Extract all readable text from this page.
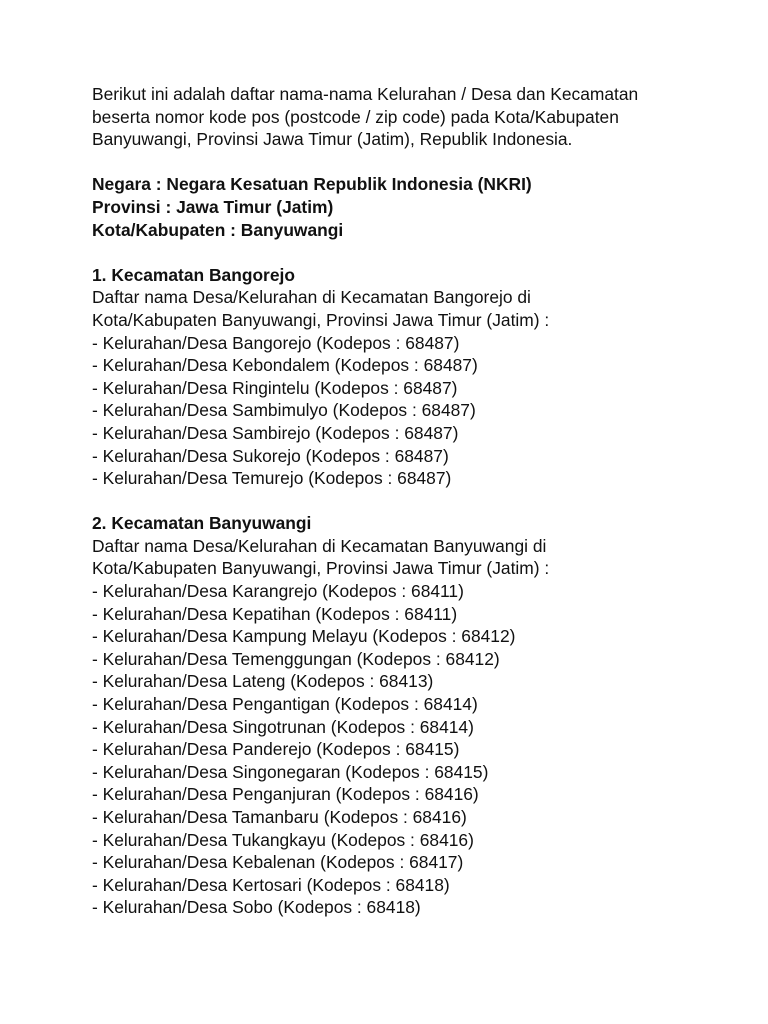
Berikut ini adalah daftar nama-nama Kelurahan / Desa dan Kecamatan
beserta nomor kode pos (postcode / zip code) pada Kota/Kabupaten
Banyuwangi, Provinsi Jawa Timur (Jatim), Republik Indonesia.

Negara : Negara Kesatuan Republik Indonesia (NKRI)
Provinsi : Jawa Timur (Jatim)
Kota/Kabupaten : Banyuwangi
1. Kecamatan Bangorejo
Daftar nama Desa/Kelurahan di Kecamatan Bangorejo di
Kota/Kabupaten Banyuwangi, Provinsi Jawa Timur (Jatim) :
- Kelurahan/Desa Bangorejo (Kodepos : 68487)
- Kelurahan/Desa Kebondalem (Kodepos : 68487)
- Kelurahan/Desa Ringintelu (Kodepos : 68487)
- Kelurahan/Desa Sambimulyo (Kodepos : 68487)
- Kelurahan/Desa Sambirejo (Kodepos : 68487)
- Kelurahan/Desa Sukorejo (Kodepos : 68487)
- Kelurahan/Desa Temurejo (Kodepos : 68487)
2. Kecamatan Banyuwangi
Daftar nama Desa/Kelurahan di Kecamatan Banyuwangi di
Kota/Kabupaten Banyuwangi, Provinsi Jawa Timur (Jatim) :
- Kelurahan/Desa Karangrejo (Kodepos : 68411)
- Kelurahan/Desa Kepatihan (Kodepos : 68411)
- Kelurahan/Desa Kampung Melayu (Kodepos : 68412)
- Kelurahan/Desa Temenggungan (Kodepos : 68412)
- Kelurahan/Desa Lateng (Kodepos : 68413)
- Kelurahan/Desa Pengantigan (Kodepos : 68414)
- Kelurahan/Desa Singotrunan (Kodepos : 68414)
- Kelurahan/Desa Panderejo (Kodepos : 68415)
- Kelurahan/Desa Singonegaran (Kodepos : 68415)
- Kelurahan/Desa Penganjuran (Kodepos : 68416)
- Kelurahan/Desa Tamanbaru (Kodepos : 68416)
- Kelurahan/Desa Tukangkayu (Kodepos : 68416)
- Kelurahan/Desa Kebalenan (Kodepos : 68417)
- Kelurahan/Desa Kertosari (Kodepos : 68418)
- Kelurahan/Desa Sobo (Kodepos : 68418)
